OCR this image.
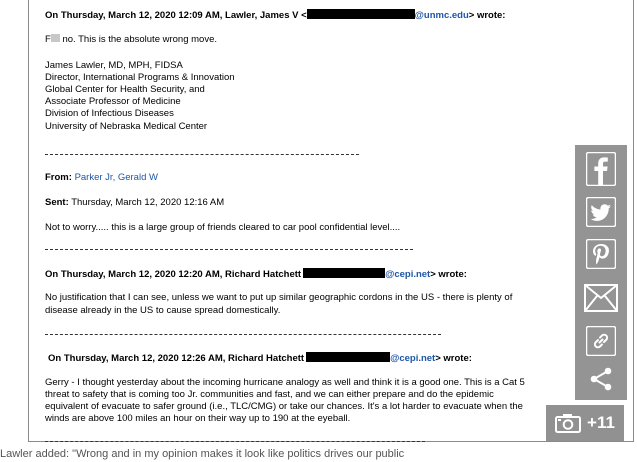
On Thursday, March 12, 2020 12:09 AM, Lawler, James V <	@unmc.edu> wrote:
F no. This is the absolute wrong move.
James Lawler, MD, MPH, FIDSA
Director, International Programs & Innovation
Global Center for Health Security, and
Associate Professor of Medicine
Division of Infectious Diseases
University of Nebraska Medical Center
From: Parker Jr, Gerald W
Sent: Thursday, March 12, 2020 12:16 AM
Not to worry..... this is a large group of friends cleared to car pool confidential level....
On Thursday, March 12, 2020 12:20 AM, Richard Hatchett	@cepi.net> wrote:
No justification that I can see, unless we want to put up similar geographic cordons in the US - there is plenty of
disease already in the US to cause spread domestically.
On Thursday, March 12, 2020 12:26 AM, Richard Hatchett	@cepi.net> wrote:
Gerry - I thought yesterday about the incoming hurricane analogy as well and think it is a good one. This is a Cat 5
threat to safety that is coming too Jr. communities and fast, and we can either prepare and do the epidemic
equivalent of evacuate to safer ground (i.e., TLC/CMG) or take our chances. It's a lot harder to evacuate when the
winds are above 100 miles an hour on their way up to 190 at the eyeball.	+11
Lawler added: "Wrong and in my opinion makes it look like politics drives our public
